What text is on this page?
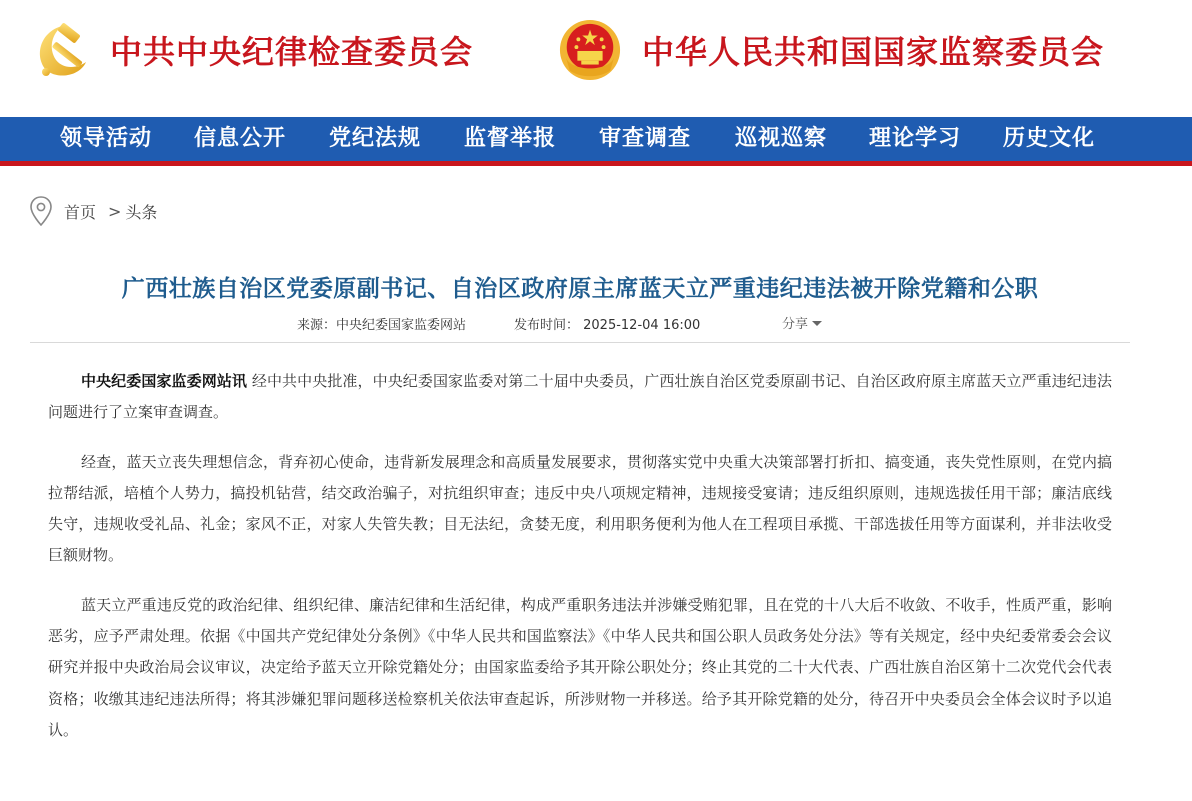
中共中央纪律检查委员会	中华人民共和国国家监察委员会
领导活动 信息公开 党纪法规 监督举报 审查调查 巡视巡察 理论学习 历史文化
首页 > 头条
广西壮族自治区党委原副书记、自治区政府原主席蓝天立严重违纪违法被开除党籍和公职
来源：中央纪委国家监委网站	发布时间： 2025-12-04 16:00	分享

中央纪委国家监委网站讯 经中共中央批准，中央纪委国家监委对第二十届中央委员，广西壮族自治区党委原副书记、自治区政府原主席蓝天立严重违纪违法问题进行了立案审查调查。

经查，蓝天立丧失理想信念，背弃初心使命，违背新发展理念和高质量发展要求，贯彻落实党中央重大决策部署打折扣、搞变通，丧失党性原则，在党内搞拉帮结派，培植个人势力，搞投机钻营，结交政治骗子，对抗组织审查；违反中央八项规定精神，违规接受宴请；违反组织原则，违规选拔任用干部；廉洁底线失守，违规收受礼品、礼金；家风不正，对家人失管失教；目无法纪，贪婪无度，利用职务便利为他人在工程项目承揽、干部选拔任用等方面谋利，并非法收受巨额财物。

蓝天立严重违反党的政治纪律、组织纪律、廉洁纪律和生活纪律，构成严重职务违法并涉嫌受贿犯罪，且在党的十八大后不收敛、不收手，性质严重，影响恶劣，应予严肃处理。依据《中国共产党纪律处分条例》《中华人民共和国监察法》《中华人民共和国公职人员政务处分法》等有关规定，经中央纪委常委会会议研究并报中央政治局会议审议，决定给予蓝天立开除党籍处分；由国家监委给予其开除公职处分；终止其党的二十大代表、广西壮族自治区第十二次党代会代表资格；收缴其违纪违法所得；将其涉嫌犯罪问题移送检察机关依法审查起诉，所涉财物一并移送。给予其开除党籍的处分，待召开中央委员会全体会议时予以追认。
